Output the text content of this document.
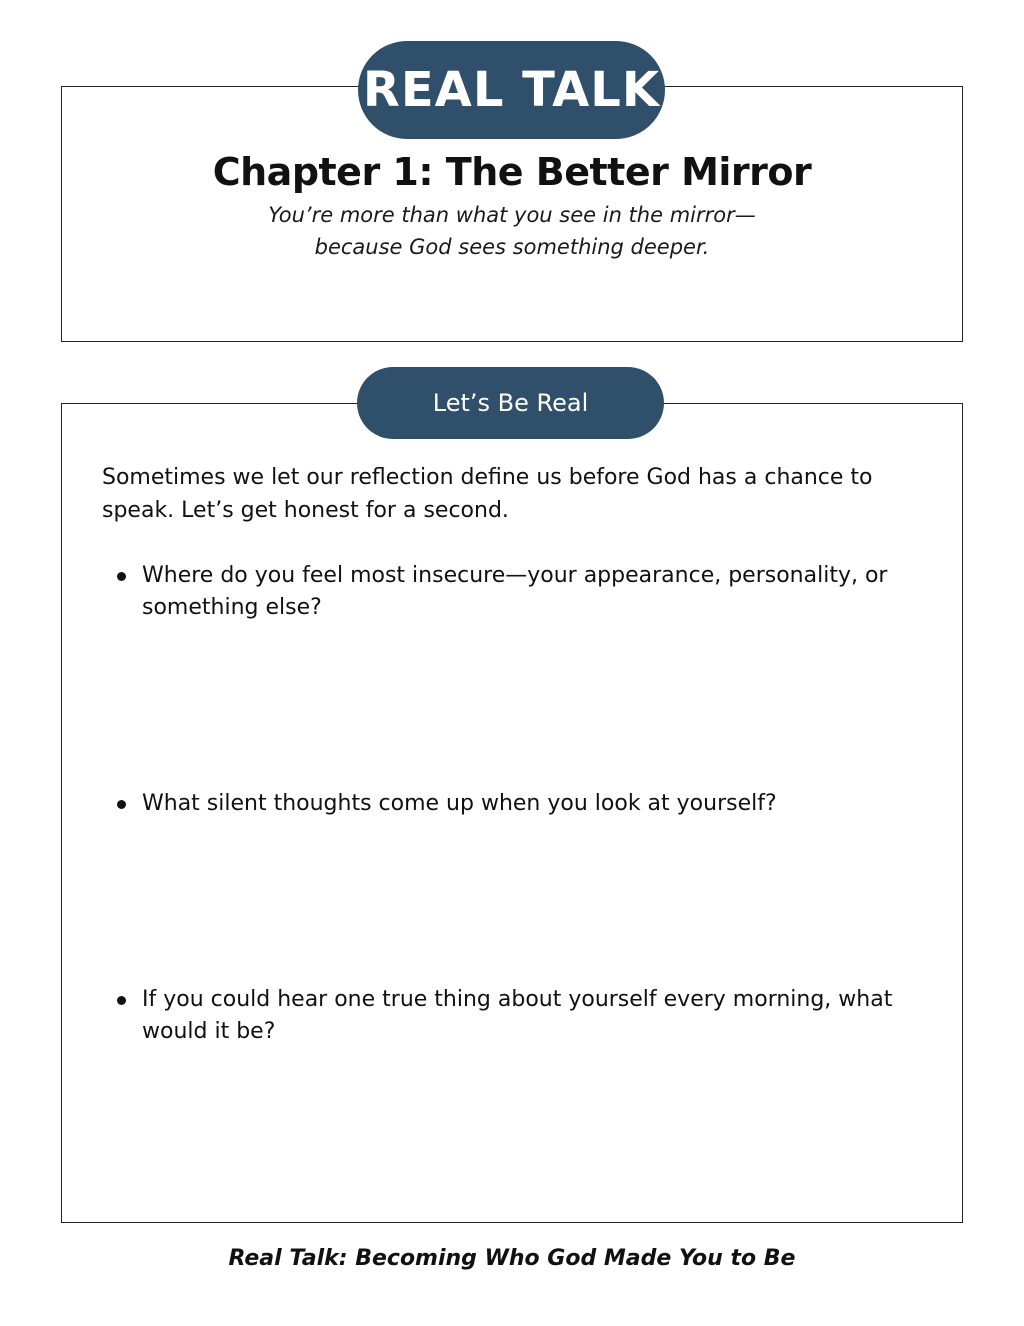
REAL TALK
Chapter 1: The Better Mirror
You’re more than what you see in the mirror—
because God sees something deeper.
Let’s Be Real
Sometimes we let our reflection define us before God has a chance to speak. Let’s get honest for a second.
Where do you feel most insecure—your appearance, personality, or something else?
What silent thoughts come up when you look at yourself?
If you could hear one true thing about yourself every morning, what would it be?
Real Talk: Becoming Who God Made You to Be
